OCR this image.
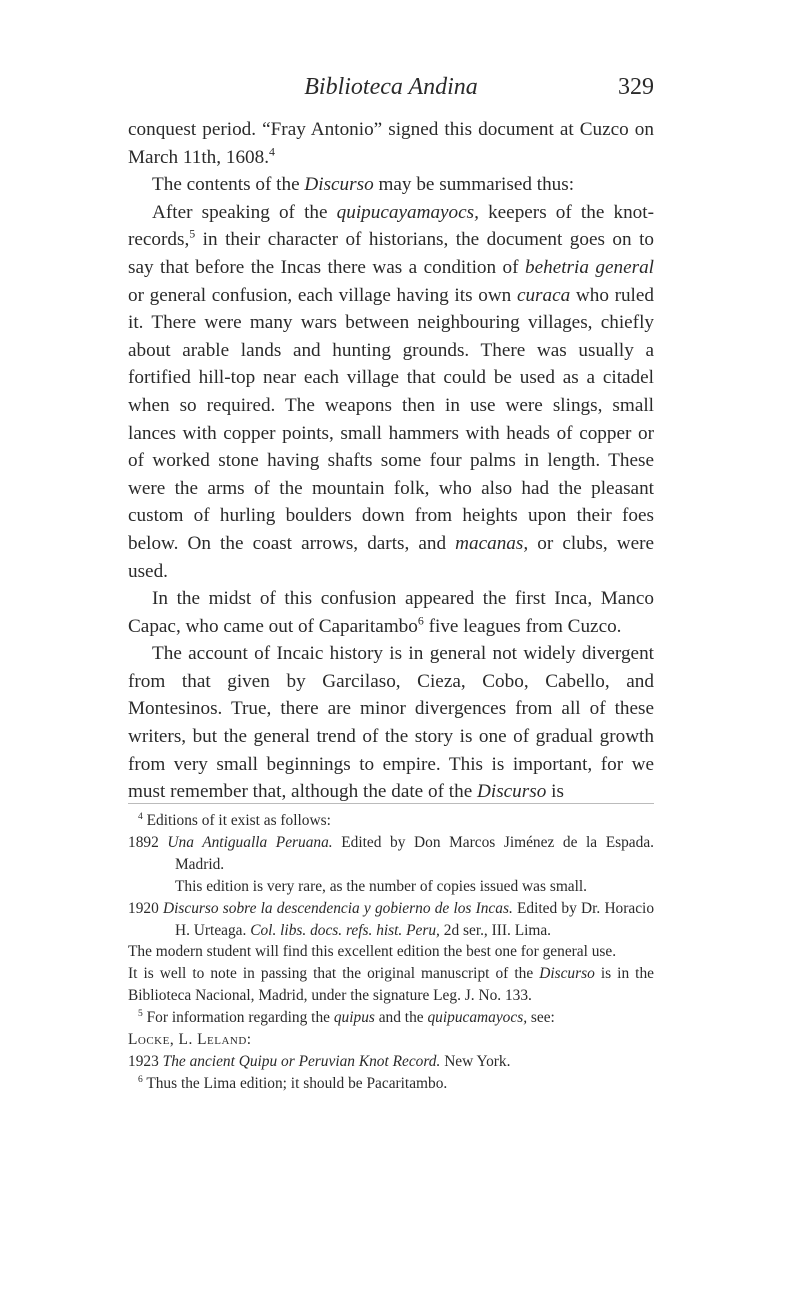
Biblioteca Andina	329

conquest period. “Fray Antonio” signed this document at Cuzco on March 11th, 1608.$^4$

The contents of the Discurso may be summarised thus:

After speaking of the quipucayamayocs, keepers of the knot-records,$^5$ in their character of historians, the document goes on to say that before the Incas there was a condition of behetria general or general confusion, each village having its own curaca who ruled it. There were many wars between neighbouring villages, chiefly about arable lands and hunting grounds. There was usually a fortified hill-top near each village that could be used as a citadel when so required. The weapons then in use were slings, small lances with copper points, small hammers with heads of copper or of worked stone having shafts some four palms in length. These were the arms of the mountain folk, who also had the pleasant custom of hurling boulders down from heights upon their foes below. On the coast arrows, darts, and macanas, or clubs, were used.

In the midst of this confusion appeared the first Inca, Manco Capac, who came out of Caparitambo$^6$ five leagues from Cuzco.

The account of Incaic history is in general not widely divergent from that given by Garcilaso, Cieza, Cobo, Cabello, and Montesinos. True, there are minor divergences from all of these writers, but the general trend of the story is one of gradual growth from very small beginnings to empire. This is important, for we must remember that, although the date of the Discurso is

$^4$ Editions of it exist as follows:

1892 Una Antigualla Peruana. Edited by Don Marcos Jiménez de la Espada. Madrid.

This edition is very rare, as the number of copies issued was small.

1920 Discurso sobre la descendencia y gobierno de los Incas. Edited by Dr. Horacio H. Urteaga. Col. libs. docs. refs. hist. Peru, 2d ser., III. Lima.

The modern student will find this excellent edition the best one for general use.

It is well to note in passing that the original manuscript of the Discurso is in the Biblioteca Nacional, Madrid, under the signature Leg. J. No. 133.

$^5$ For information regarding the quipus and the quipucamayocs, see:

Locke, L. Leland:

1923 The ancient Quipu or Peruvian Knot Record. New York.

$^6$ Thus the Lima edition; it should be Pacaritambo.
